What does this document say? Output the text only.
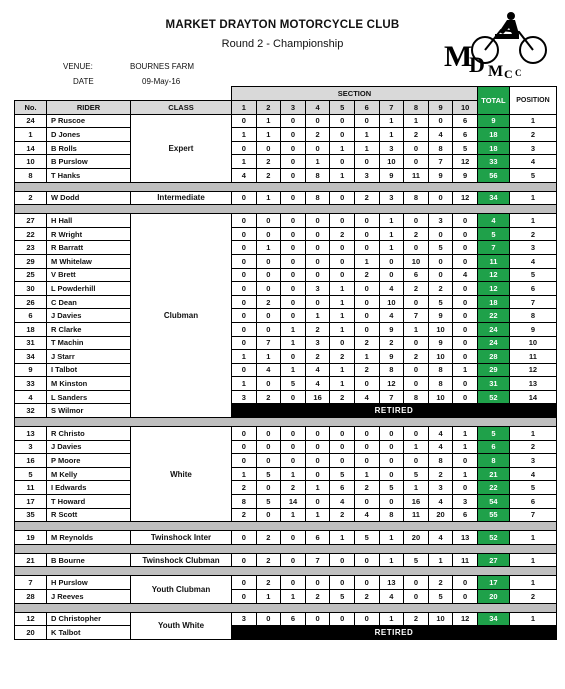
MARKET DRAYTON MOTORCYCLE CLUB
Round 2 - Championship
VENUE:	BOURNES FARM
DATE	09-May-16
M
D M C C
			SECTION										TOTAL	POSITION
No.	RIDER	CLASS	1	2	3	4	5	6	7	8	9	10		
24	P Ruscoe	Expert	0	1	0	0	0	0	1	1	0	6	9	1
1	D Jones		1	1	0	2	0	1	1	2	4	6	18	2
14	B Rolls		0	0	0	0	1	1	3	0	8	5	18	3
10	B Purslow		1	2	0	1	0	0	10	0	7	12	33	4
8	T Hanks		4	2	0	8	1	3	9	11	9	9	56	5

2	W Dodd	Intermediate	0	1	0	8	0	2	3	8	0	12	34	1

27	H Hall	Clubman	0	0	0	0	0	0	1	0	3	0	4	1
22	R Wright		0	0	0	0	2	0	1	2	0	0	5	2
23	R Barratt		0	1	0	0	0	0	1	0	5	0	7	3
29	M Whitelaw		0	0	0	0	0	1	0	10	0	0	11	4
25	V Brett		0	0	0	0	0	2	0	6	0	4	12	5
30	L Powderhill		0	0	0	3	1	0	4	2	2	0	12	6
26	C Dean		0	2	0	0	1	0	10	0	5	0	18	7
6	J Davies		0	0	0	1	1	0	4	7	9	0	22	8
18	R Clarke		0	0	1	2	1	0	9	1	10	0	24	9
31	T Machin		0	7	1	3	0	2	2	0	9	0	24	10
34	J Starr		1	1	0	2	2	1	9	2	10	0	28	11
9	I Talbot		0	4	1	4	1	2	8	0	8	1	29	12
33	M Kinston		1	0	5	4	1	0	12	0	8	0	31	13
4	L Sanders		3	2	0	16	2	4	7	8	10	0	52	14
32	S Wilmor		RETIRED											

13	R Christo	White	0	0	0	0	0	0	0	0	4	1	5	1
3	J Davies		0	0	0	0	0	0	0	1	4	1	6	2
16	P Moore		0	0	0	0	0	0	0	0	8	0	8	3
5	M Kelly		1	5	1	0	5	1	0	5	2	1	21	4
11	I Edwards		2	0	2	1	6	2	5	1	3	0	22	5
17	T Howard		8	5	14	0	4	0	0	16	4	3	54	6
35	R Scott		2	0	1	1	2	4	8	11	20	6	55	7

19	M Reynolds	Twinshock Inter	0	2	0	6	1	5	1	20	4	13	52	1

21	B Bourne	Twinshock Clubman	0	2	0	7	0	0	1	5	1	11	27	1

7	H Purslow	Youth Clubman	0	2	0	0	0	0	13	0	2	0	17	1
28	J Reeves		0	1	1	2	5	2	4	0	5	0	20	2

12	D Christopher	Youth White	3	0	6	0	0	0	1	2	10	12	34	1
20	K Talbot		RETIRED											
